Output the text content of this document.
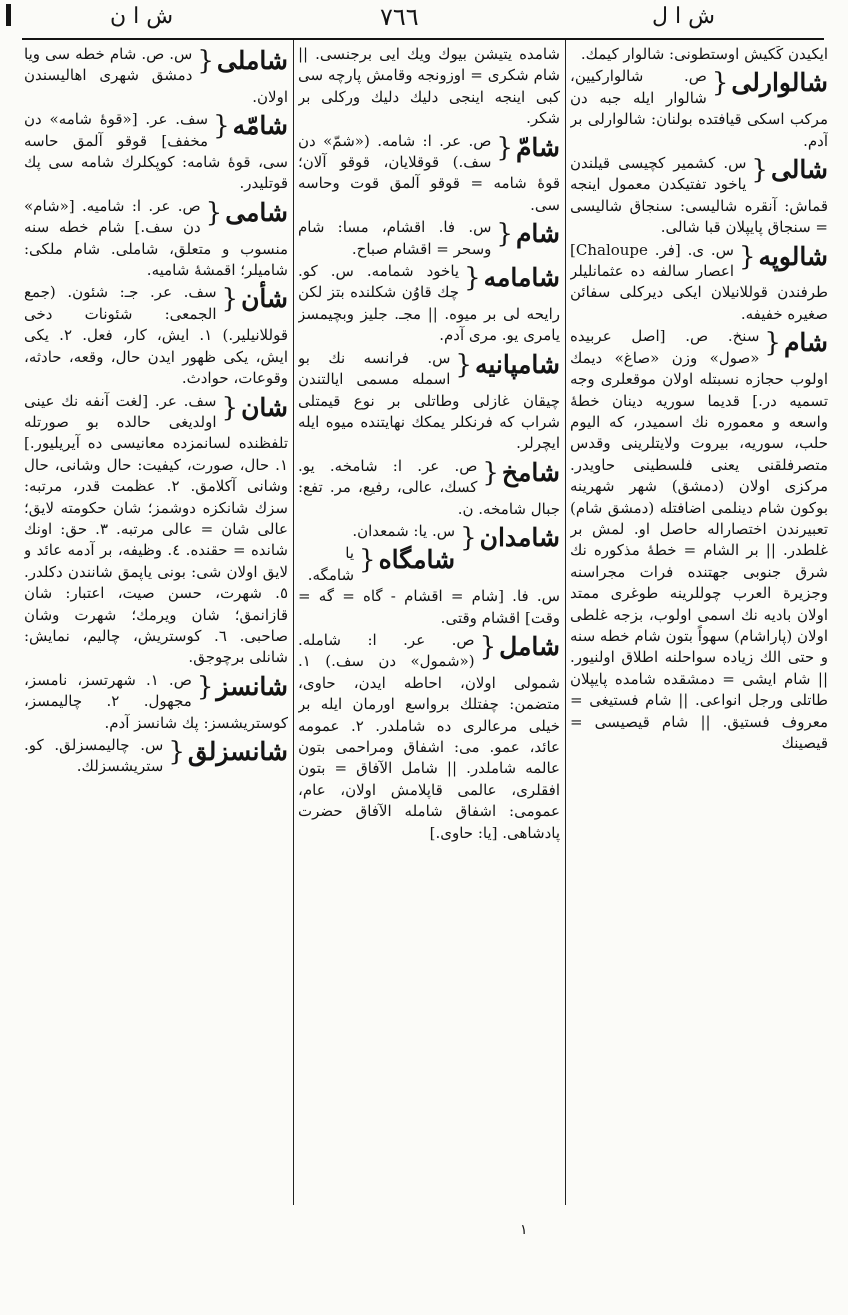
ش ا ن	٧٦٦	ش ا ل
ايكيدن كَكيش اوستطونى: شالوار كيمك.
شالوارلى {
ص. شالواركيين، شالوار ايله جبه دن مركب اسكى قيافتده بولنان: شالوارلى بر آدم.
شالى {
س. كشمير كچيسى قيلندن ياخود تفتيكدن معمول اينجه قماش: آنقره شاليسى: سنجاق شاليسى = سنجاق پايپلان قبا شالى.
شالوپه {
س. ى. [فر. Chaloupe] اعصار سالفه ده عثمانليلر طرفندن قوللانيلان ايكى ديركلى سفائن صغيره خفيفه.
شام {
سنخ. ص. [اصل عربيده «صول» وزن «صاغ» ديمك اولوب حجازه نسبتله اولان موقعلرى وجه تسميه در.] قديما سوريه دينان خطهٔ واسعه و معموره نك اسميدر، كه اليوم حلب، سوريه، بيروت ولايتلرينى وقدس متصرفلقنى يعنى فلسطينى حاويدر. مركزى اولان (دمشق) شهر شهرينه بوكون شام دينلمى اضافتله (دمشق شام) تعبيرندن اختصاراله حاصل او. لمش بر غلطدر. || بر الشام = خطهٔ مذكوره نك شرق جنوبى جهتنده فرات مجراسنه وجزيرة العرب چوللرينه طوغرى ممتد اولان باديه نك اسمى اولوب، بزجه غلطى اولان (پاراشام) سهواً بتون شام خطه سنه و حتى الك زياده سواحلنه اطلاق اولنيور. || شام ايشى = دمشقده شامده پايپلان طاتلى ورجل انواعى. || شام فستيغى = معروف فستيق. || شام قيصيسى = قيصينك
شامده يتيشن بيوك ويك ايى برجنسى. || شام شكرى = اوزونجه وقامش پارچه سى كبى اينجه اينجى دليك دليك وركلى بر شكر.
شامّ {
ص. عر. ا: شامه. («شمّ» دن سف.) قوقلايان، قوقو آلان؛ قوهٔ شامه = قوقو آلمق قوت وحاسه سى.
شام {
س. فا. اقشام، مسا: شام وسحر = اقشام صباح.
شامامه {
ياخود شمامه. س. كو. چك قاوُن شكلنده بتز لكن رايحه لى بر ميوه. || مجـ. جليز وبچيمسز يامرى يو. مرى آدم.
شامپانيه {
س. فرانسه نك بو اسمله مسمى ايالتندن چيقان غازلى وطاتلى بر نوع قيمتلى شراب كه فرنكلر يمكك نهايتنده ميوه ايله ايچرلر.
شامخ {
ص. عر. ا: شامخه. يو. كسك، عالى، رفيع، مر. تفع: جبال شامخه. ن.
شامدان {
س. يا: شمعدان.
شامگاه {
يا شامگه. س. فا. [شام = اقشام - گاه = گه = وقت] اقشام وقتى.
شامل {
ص. عر. ا: شامله. («شمول» دن سف.) ١. شمولى اولان، احاطه ايدن، حاوى، متضمن: چفتلك برواسع اورمان ايله بر خيلى مرعالرى ده شاملدر. ٢. عمومه عائد، عمو. مى: اشفاق ومراحمى بتون عالمه شاملدر. || شامل الآفاق = بتون افقلرى، عالمى قاپلامش اولان، عام، عمومى: اشفاق شامله الآفاق حضرت پادشاهى. [يا: حاوى.]
شاملى {
س. ص. شام خطه سى ويا دمشق شهرى اهاليسندن اولان.
شامّه {
سف. عر. [«قوهٔ شامه» دن مخفف] قوقو آلمق حاسه سى، قوهٔ شامه: كوپكلرك شامه سى پك قوتليدر.
شامى {
ص. عر. ا: شاميه. [«شام» دن سف.] شام خطه سنه منسوب و متعلق، شاملى. شام ملكى: شاميلر؛ اقمشهٔ شاميه.
شأن {
سف. عر. جـ: شئون. (جمع الجمعى: شئونات دخى قوللانيلير.) ١. ايش، كار، فعل. ٢. يكى ايش، يكى ظهور ايدن حال، وقعه، حادثه، وقوعات، حوادث.
شان {
سف. عر. [لغت آنفه نك عينى اولديغى حالده بو صورتله تلفظنده لسانمزده معانيسى ده آيريليور.] ١. حال، صورت، كيفيت: حال وشانى، حال وشانى آكلامق. ٢. عظمت قدر، مرتبه: سزك شانكزه دوشمز؛ شان حكومته لايق؛ عالى شان = عالى مرتبه. ٣. حق: اونك شانده = حقنده. ٤. وظيفه، بر آدمه عائد و لايق اولان شى: بونى ياپمق شانندن دكلدر. ٥. شهرت، حسن صيت، اعتبار: شان قازانمق؛ شان ويرمك؛ شهرت وشان صاحبى. ٦. كوستريش، چاليم، نمايش: شانلى برچوجق.
شانسز {
ص. ١. شهرتسز، نامسز، مجهول. ٢. چاليمسز، كوستريشسز: پك شانسز آدم.
شانسزلق {
س. چاليمسزلق. كو. ستريشسزلك.
١
